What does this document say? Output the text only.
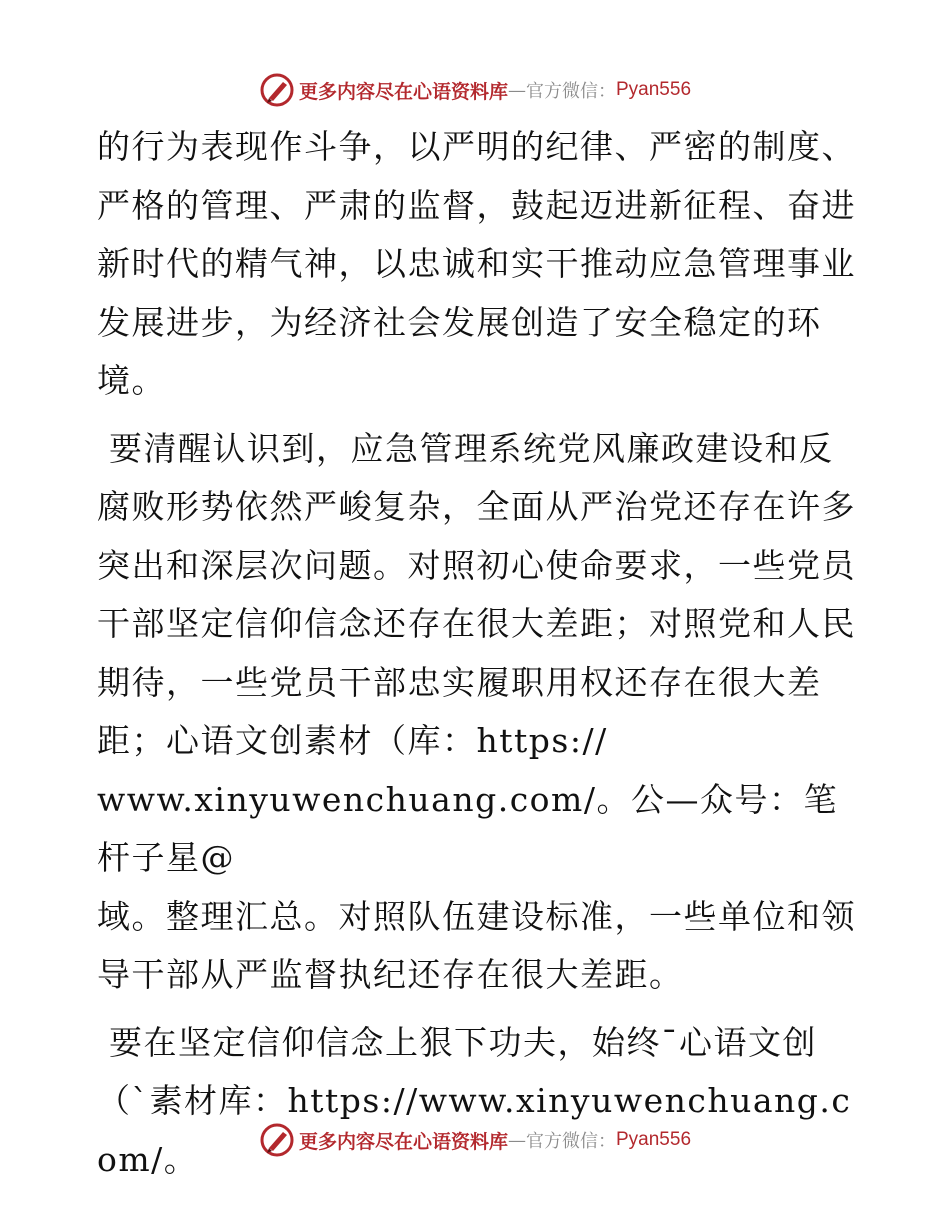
更多内容尽在心语资料库 — 官方微信： Pyan556

的行为表现作斗争，以严明的纪律、严密的制度、
严格的管理、严肃的监督，鼓起迈进新征程、奋进
新时代的精气神，以忠诚和实干推动应急管理事业
发展进步，为经济社会发展创造了安全稳定的环
境。

要清醒认识到，应急管理系统党风廉政建设和反
腐败形势依然严峻复杂，全面从严治党还存在许多
突出和深层次问题。对照初心使命要求，一些党员
干部坚定信仰信念还存在很大差距；对照党和人民
期待，一些党员干部忠实履职用权还存在很大差
距；心语文创素材（库：https://
www.xinyuwenchuang.com/。公—众号：笔杆子星@
域。整理汇总。对照队伍建设标准，一些单位和领
导干部从严监督执纪还存在很大差距。

要在坚定信仰信念上狠下功夫，始终¯心语文创
（`素材库：https://www.xinyuwenchuang.com/。	更多内容尽在心语资料库 — 官方微信： Pyan556
